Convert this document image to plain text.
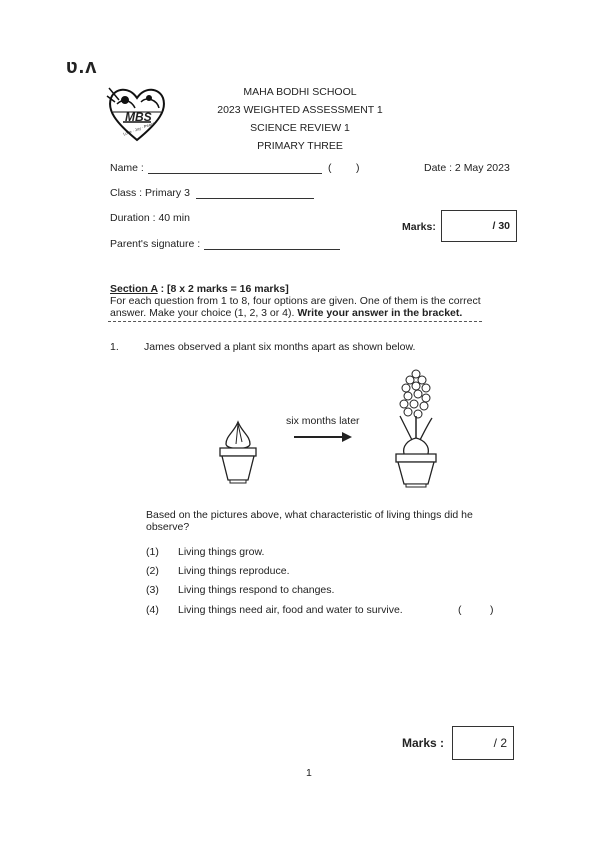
ʋ.ʌ
MBS
Love · Joy · Peace
MAHA BODHI SCHOOL
2023 WEIGHTED ASSESSMENT 1
SCIENCE REVIEW 1
PRIMARY THREE
Name :	( )	Date : 2 May 2023
Class : Primary 3
Duration : 40 min
Marks:	/ 30
Parent's signature :
Section A : [8 x 2 marks = 16 marks]
For each question from 1 to 8, four options are given. One of them is the correct
answer. Make your choice (1, 2, 3 or 4). Write your answer in the bracket.
1. James observed a plant six months apart as shown below.
six months later
Based on the pictures above, what characteristic of living things did he
observe?
(1) Living things grow.
(2) Living things reproduce.
(3) Living things respond to changes.
(4) Living things need air, food and water to survive.	(	)
Marks :	/ 2
1
